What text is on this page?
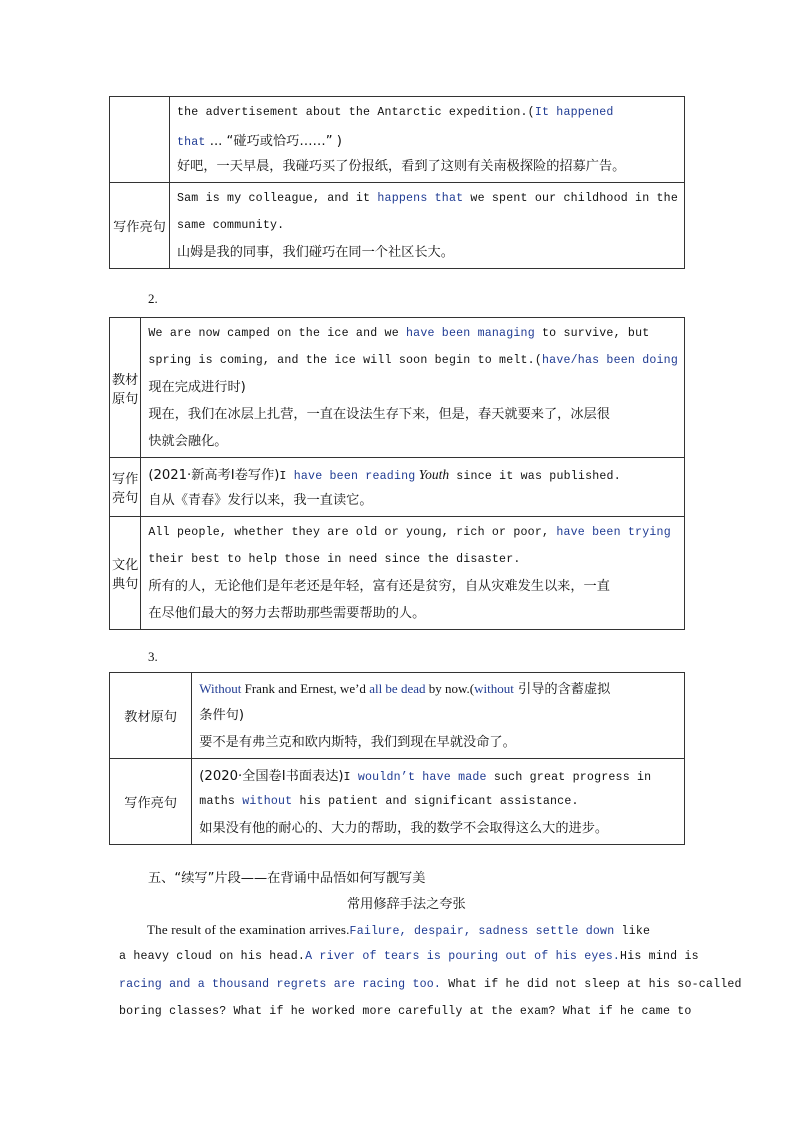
	the advertisement about the Antarctic expedition.(It happened
that ... “碰巧或恰巧……” )
好吧，一天早晨，我碰巧买了份报纸，看到了这则有关南极探险的招募广告。

写作亮句	Sam is my colleague, and it happens that we spent our childhood in the
same community.
山姆是我的同事，我们碰巧在同一个社区长大。
2.
教材原句	We are now camped on the ice and we have been managing to survive, but
spring is coming, and the ice will soon begin to melt.(have/has been doing
现在完成进行时)
现在，我们在冰层上扎营，一直在设法生存下来，但是，春天就要来了，冰层很
快就会融化。

写作亮句	(2021·新高考Ⅰ卷写作)I have been reading Youth since it was published.
自从《青春》发行以来，我一直读它。

文化典句	All people, whether they are old or young, rich or poor, have been trying
their best to help those in need since the disaster.
所有的人，无论他们是年老还是年轻，富有还是贫穷，自从灾难发生以来，一直
在尽他们最大的努力去帮助那些需要帮助的人。
3.
教材原句	Without Frank and Ernest, we’d all be dead by now.(without 引导的含蓄虚拟
条件句)
要不是有弗兰克和欧内斯特，我们到现在早就没命了。

写作亮句	(2020·全国卷Ⅰ书面表达)I wouldn’t have made such great progress in
maths without his patient and significant assistance.
如果没有他的耐心的、大力的帮助，我的数学不会取得这么大的进步。
五、“续写”片段——在背诵中品悟如何写靓写美
常用修辞手法之夸张
The result of the examination arrives.Failure, despair, sadness settle down like
a heavy cloud on his head.A river of tears is pouring out of his eyes.His mind is
racing and a thousand regrets are racing too. What if he did not sleep at his so-called
boring classes? What if he worked more carefully at the exam? What if he came to
